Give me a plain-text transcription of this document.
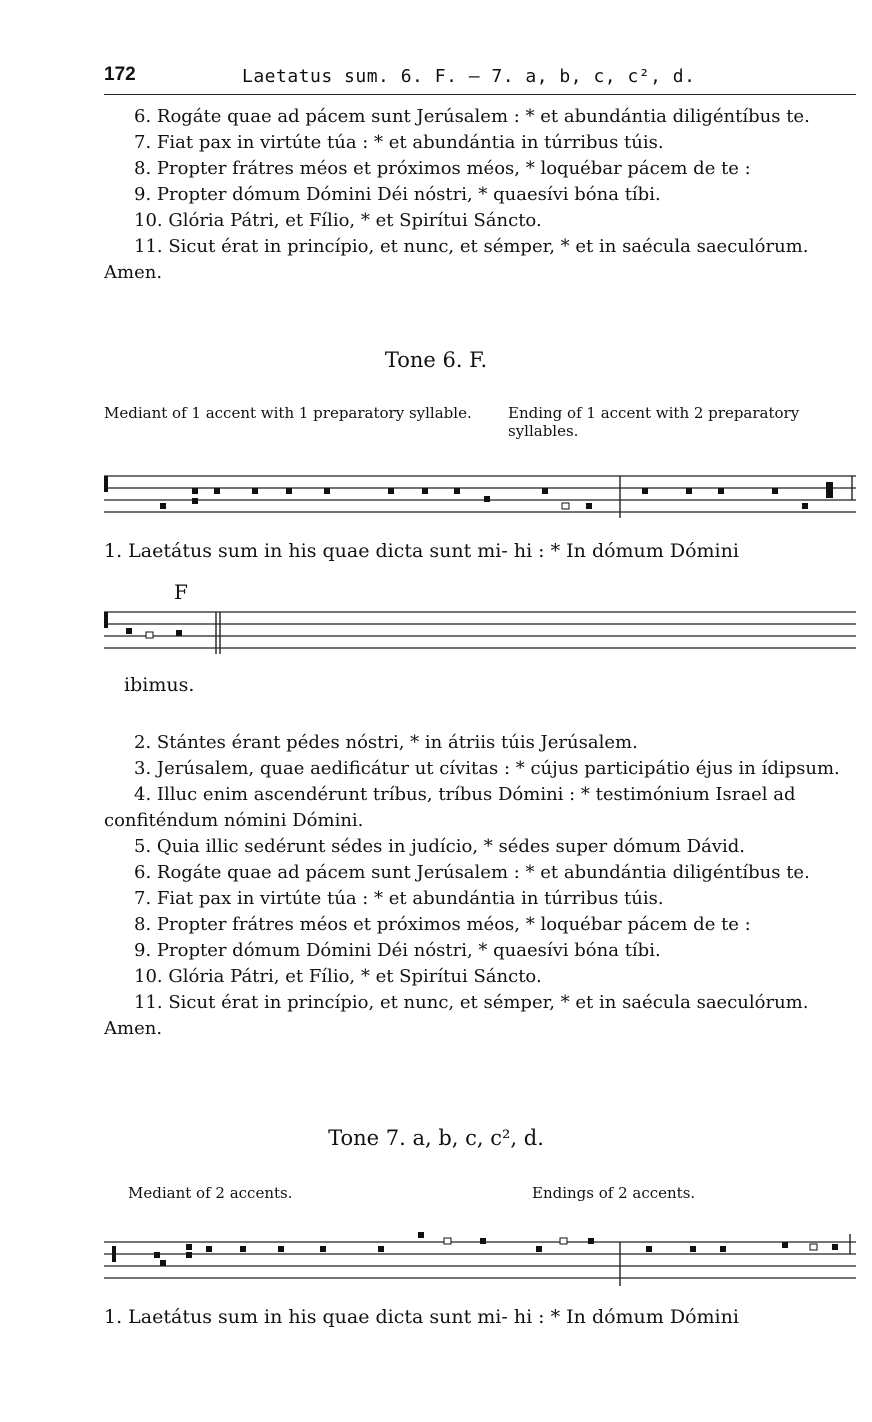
172	Laetatus sum. 6. F. — 7. a, b, c, c², d.

6. Rogáte quae ad pácem sunt Jerúsalem : * et abundántia diligéntíbus te.

7. Fiat pax in virtúte túa : * et abundántia in túrribus túis.

8. Propter frátres méos et próximos méos, * loquébar pácem de te :

9. Propter dómum Dómini Déi nóstri, * quaesívi bóna tíbi.

10. Glória Pátri, et Fílio, * et Spirítui Sáncto.

11. Sicut érat in princípio, et nunc, et sémper, * et in saécula saeculórum. Amen.

Tone 6. F.
Mediant of 1 accent with 1 preparatory syllable. Ending of 1 accent with 2 preparatory syllables.
1. Laetátus sum in his quae dicta sunt mi- hi : * In dómum Dómini
F
ibimus.

2. Stántes érant pédes nóstri, * in átriis túis Jerúsalem.

3. Jerúsalem, quae aedificátur ut cívitas : * cújus participátio éjus in ídipsum.

4. Illuc enim ascendérunt tríbus, tríbus Dómini : * testimónium Israel ad confiténdum nómini Dómini.

5. Quia illic sedérunt sédes in judício, * sédes super dómum Dávid.

6. Rogáte quae ad pácem sunt Jerúsalem : * et abundántia diligéntíbus te.

7. Fiat pax in virtúte túa : * et abundántia in túrribus túis.

8. Propter frátres méos et próximos méos, * loquébar pácem de te :

9. Propter dómum Dómini Déi nóstri, * quaesívi bóna tíbi.

10. Glória Pátri, et Fílio, * et Spirítui Sáncto.

11. Sicut érat in princípio, et nunc, et sémper, * et in saécula saeculórum. Amen.

Tone 7. a, b, c, c², d.
Mediant of 2 accents.	Endings of 2 accents.
1. Laetátus sum in his quae dicta sunt mi- hi : * In dómum Dómini
